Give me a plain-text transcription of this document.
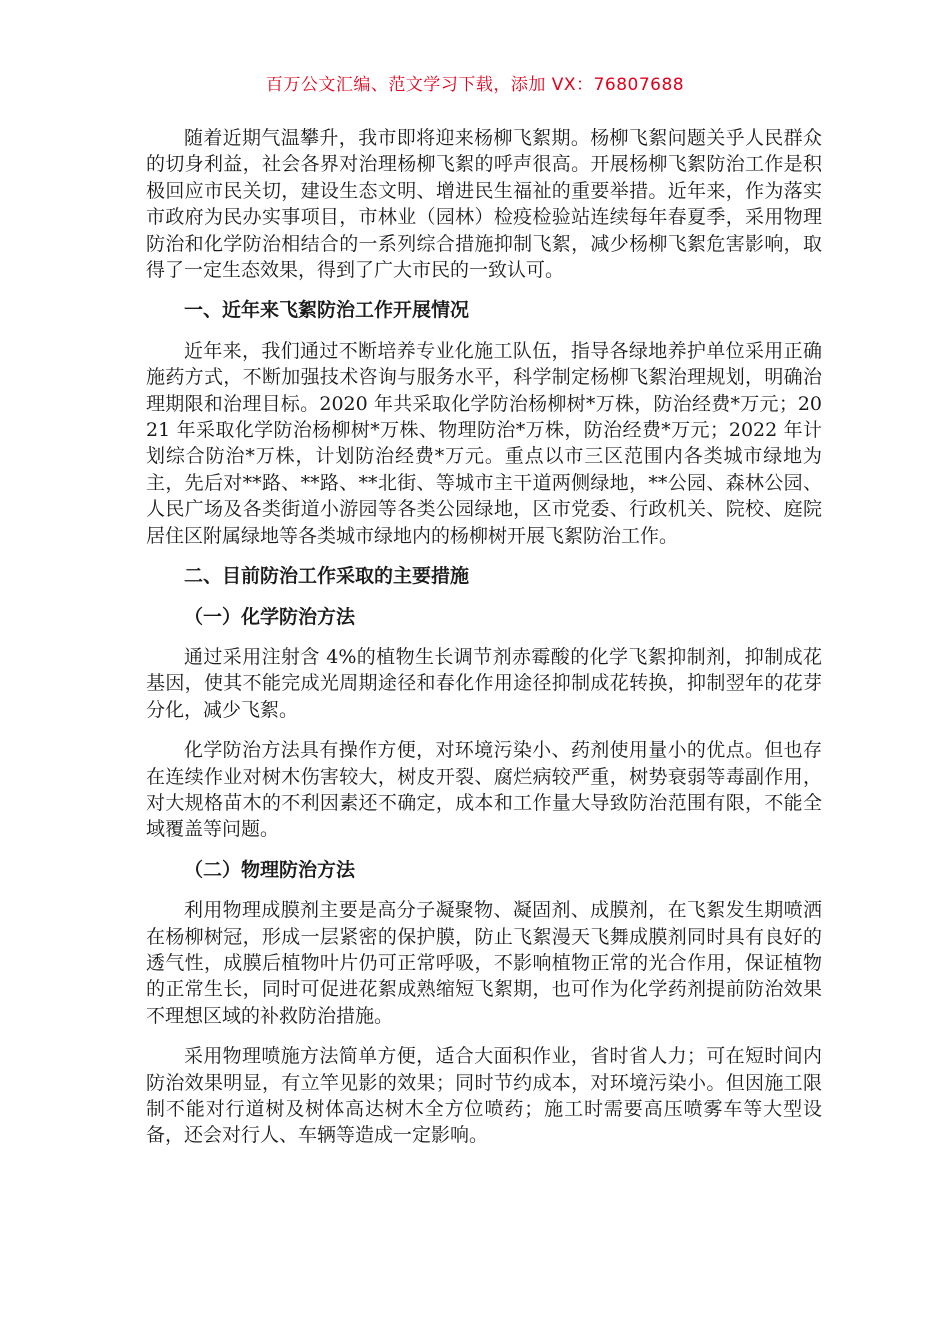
百万公文汇编、范文学习下载，添加 VX：76807688

随着近期气温攀升，我市即将迎来杨柳飞絮期。杨柳飞絮问题关乎人民群众的切身利益，社会各界对治理杨柳飞絮的呼声很高。开展杨柳飞絮防治工作是积极回应市民关切，建设生态文明、增进民生福祉的重要举措。近年来，作为落实市政府为民办实事项目，市林业（园林）检疫检验站连续每年春夏季，采用物理防治和化学防治相结合的一系列综合措施抑制飞絮，减少杨柳飞絮危害影响，取得了一定生态效果，得到了广大市民的一致认可。

一、近年来飞絮防治工作开展情况

近年来，我们通过不断培养专业化施工队伍，指导各绿地养护单位采用正确施药方式，不断加强技术咨询与服务水平，科学制定杨柳飞絮治理规划，明确治理期限和治理目标。2020 年共采取化学防治杨柳树*万株，防治经费*万元；2021 年采取化学防治杨柳树*万株、物理防治*万株，防治经费*万元；2022 年计划综合防治*万株，计划防治经费*万元。重点以市三区范围内各类城市绿地为主，先后对**路、**路、**北街、等城市主干道两侧绿地，**公园、森林公园、人民广场及各类街道小游园等各类公园绿地，区市党委、行政机关、院校、庭院居住区附属绿地等各类城市绿地内的杨柳树开展飞絮防治工作。

二、目前防治工作采取的主要措施
（一）化学防治方法

通过采用注射含 4%的植物生长调节剂赤霉酸的化学飞絮抑制剂，抑制成花基因，使其不能完成光周期途径和春化作用途径抑制成花转换，抑制翌年的花芽分化，减少飞絮。

化学防治方法具有操作方便，对环境污染小、药剂使用量小的优点。但也存在连续作业对树木伤害较大，树皮开裂、腐烂病较严重，树势衰弱等毒副作用，对大规格苗木的不利因素还不确定，成本和工作量大导致防治范围有限，不能全域覆盖等问题。

（二）物理防治方法

利用物理成膜剂主要是高分子凝聚物、凝固剂、成膜剂，在飞絮发生期喷洒在杨柳树冠，形成一层紧密的保护膜，防止飞絮漫天飞舞成膜剂同时具有良好的透气性，成膜后植物叶片仍可正常呼吸，不影响植物正常的光合作用，保证植物的正常生长，同时可促进花絮成熟缩短飞絮期，也可作为化学药剂提前防治效果不理想区域的补救防治措施。

采用物理喷施方法简单方便，适合大面积作业，省时省人力；可在短时间内防治效果明显，有立竿见影的效果；同时节约成本，对环境污染小。但因施工限制不能对行道树及树体高达树木全方位喷药；施工时需要高压喷雾车等大型设备，还会对行人、车辆等造成一定影响。
